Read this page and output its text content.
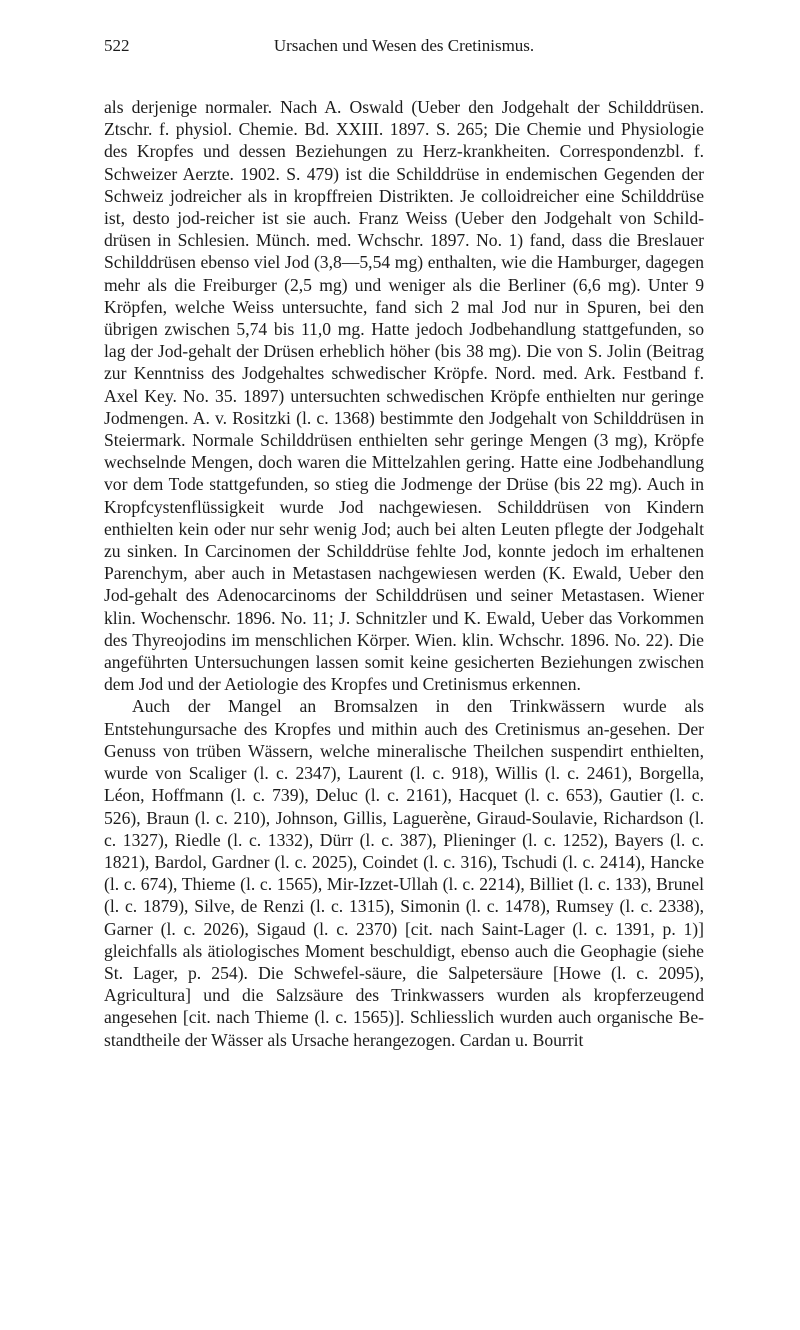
522	Ursachen und Wesen des Cretinismus.

als derjenige normaler. Nach A. Oswald (Ueber den Jodgehalt der Schilddrüsen. Ztschr. f. physiol. Chemie. Bd. XXIII. 1897. S. 265; Die Chemie und Physiologie des Kropfes und dessen Beziehungen zu Herz-krankheiten. Correspondenzbl. f. Schweizer Aerzte. 1902. S. 479) ist die Schilddrüse in endemischen Gegenden der Schweiz jodreicher als in kropffreien Distrikten. Je colloidreicher eine Schilddrüse ist, desto jod-reicher ist sie auch. Franz Weiss (Ueber den Jodgehalt von Schild-drüsen in Schlesien. Münch. med. Wchschr. 1897. No. 1) fand, dass die Breslauer Schilddrüsen ebenso viel Jod (3,8—5,54 mg) enthalten, wie die Hamburger, dagegen mehr als die Freiburger (2,5 mg) und weniger als die Berliner (6,6 mg). Unter 9 Kröpfen, welche Weiss untersuchte, fand sich 2 mal Jod nur in Spuren, bei den übrigen zwischen 5,74 bis 11,0 mg. Hatte jedoch Jodbehandlung stattgefunden, so lag der Jod-gehalt der Drüsen erheblich höher (bis 38 mg). Die von S. Jolin (Beitrag zur Kenntniss des Jodgehaltes schwedischer Kröpfe. Nord. med. Ark. Festband f. Axel Key. No. 35. 1897) untersuchten schwedischen Kröpfe enthielten nur geringe Jodmengen. A. v. Rositzki (l. c. 1368) bestimmte den Jodgehalt von Schilddrüsen in Steiermark. Normale Schilddrüsen enthielten sehr geringe Mengen (3 mg), Kröpfe wechselnde Mengen, doch waren die Mittelzahlen gering. Hatte eine Jodbehandlung vor dem Tode stattgefunden, so stieg die Jodmenge der Drüse (bis 22 mg). Auch in Kropfcystenflüssigkeit wurde Jod nachgewiesen. Schilddrüsen von Kindern enthielten kein oder nur sehr wenig Jod; auch bei alten Leuten pflegte der Jodgehalt zu sinken. In Carcinomen der Schilddrüse fehlte Jod, konnte jedoch im erhaltenen Parenchym, aber auch in Metastasen nachgewiesen werden (K. Ewald, Ueber den Jod-gehalt des Adenocarcinoms der Schilddrüsen und seiner Metastasen. Wiener klin. Wochenschr. 1896. No. 11; J. Schnitzler und K. Ewald, Ueber das Vorkommen des Thyreojodins im menschlichen Körper. Wien. klin. Wchschr. 1896. No. 22). Die angeführten Untersuchungen lassen somit keine gesicherten Beziehungen zwischen dem Jod und der Aetiologie des Kropfes und Cretinismus erkennen.

Auch der Mangel an Bromsalzen in den Trinkwässern wurde als Entstehungursache des Kropfes und mithin auch des Cretinismus an-gesehen. Der Genuss von trüben Wässern, welche mineralische Theilchen suspendirt enthielten, wurde von Scaliger (l. c. 2347), Laurent (l. c. 918), Willis (l. c. 2461), Borgella, Léon, Hoffmann (l. c. 739), Deluc (l. c. 2161), Hacquet (l. c. 653), Gautier (l. c. 526), Braun (l. c. 210), Johnson, Gillis, Laguerène, Giraud-Soulavie, Richardson (l. c. 1327), Riedle (l. c. 1332), Dürr (l. c. 387), Plieninger (l. c. 1252), Bayers (l. c. 1821), Bardol, Gardner (l. c. 2025), Coindet (l. c. 316), Tschudi (l. c. 2414), Hancke (l. c. 674), Thieme (l. c. 1565), Mir-Izzet-Ullah (l. c. 2214), Billiet (l. c. 133), Brunel (l. c. 1879), Silve, de Renzi (l. c. 1315), Simonin (l. c. 1478), Rumsey (l. c. 2338), Garner (l. c. 2026), Sigaud (l. c. 2370) [cit. nach Saint-Lager (l. c. 1391, p. 1)] gleichfalls als ätiologisches Moment beschuldigt, ebenso auch die Geophagie (siehe St. Lager, p. 254). Die Schwefel-säure, die Salpetersäure [Howe (l. c. 2095), Agricultura] und die Salzsäure des Trinkwassers wurden als kropferzeugend angesehen [cit. nach Thieme (l. c. 1565)]. Schliesslich wurden auch organische Be-standtheile der Wässer als Ursache herangezogen. Cardan u. Bourrit
